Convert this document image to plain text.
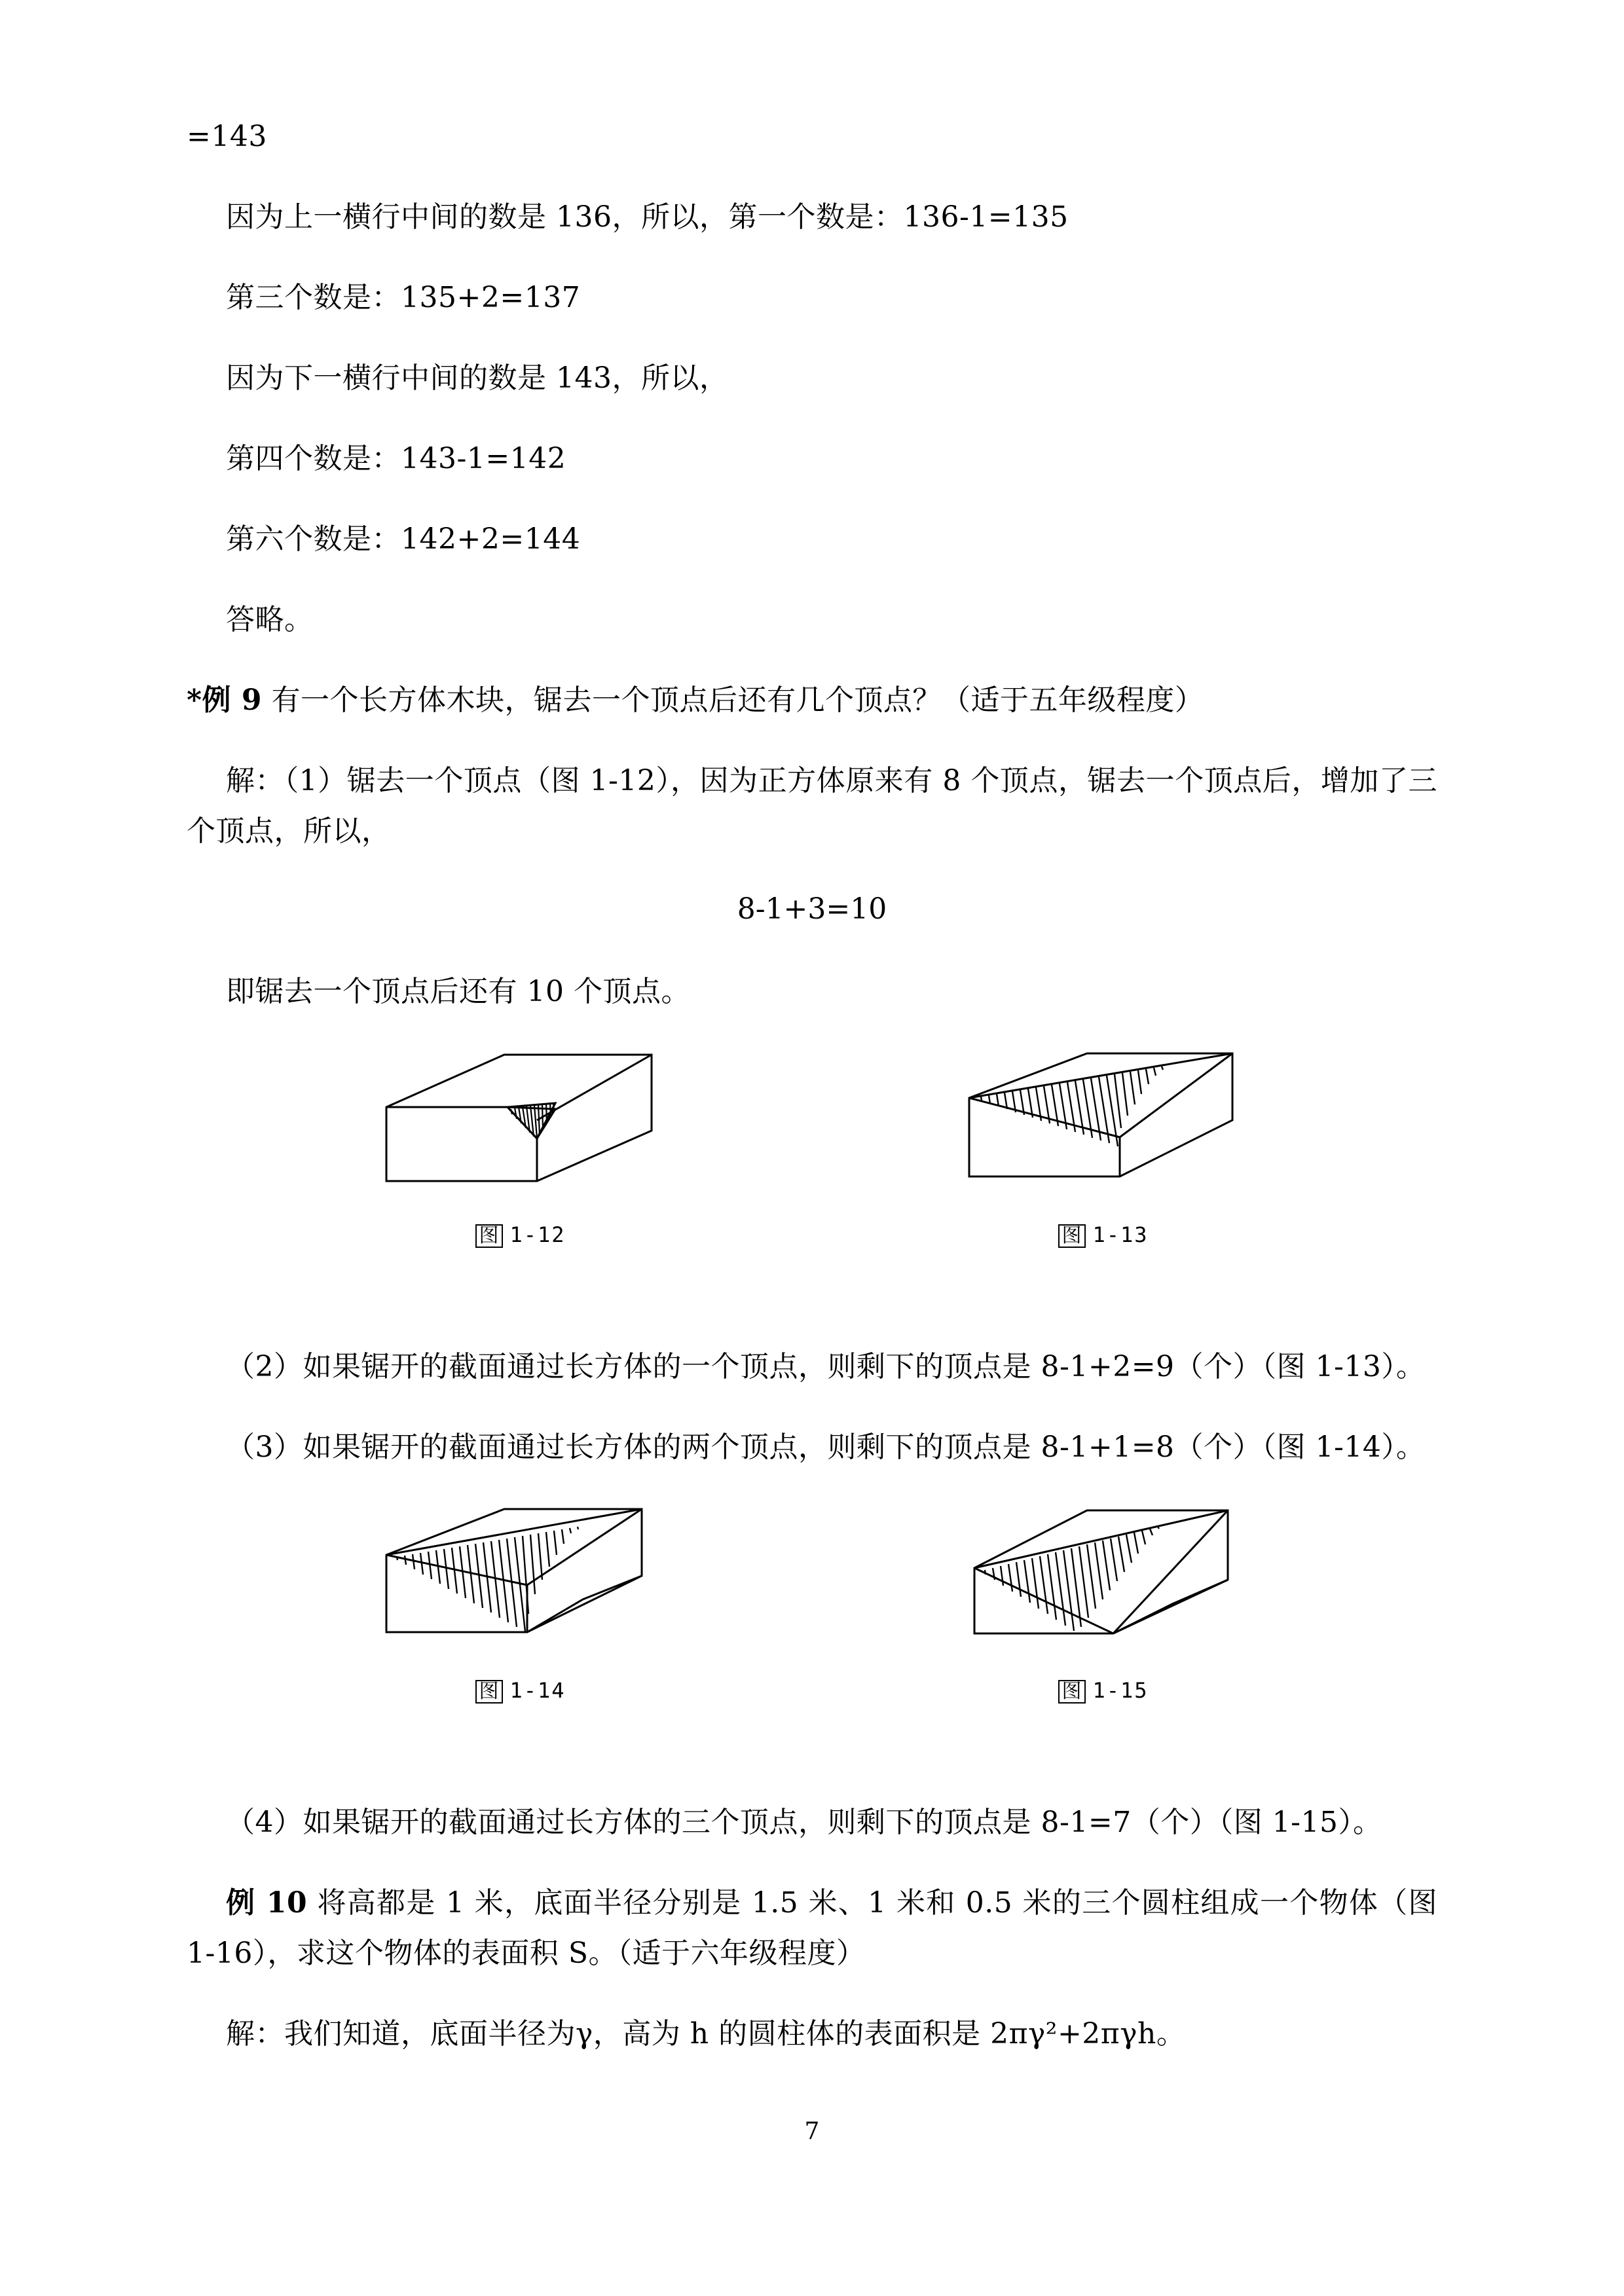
=143

因为上一横行中间的数是 136，所以，第一个数是：136-1=135

第三个数是：135+2=137

因为下一横行中间的数是 143，所以，

第四个数是：143-1=142

第六个数是：142+2=144

答略。

*例 9 有一个长方体木块，锯去一个顶点后还有几个顶点？（适于五年级程度）

解：（1）锯去一个顶点（图 1-12），因为正方体原来有 8 个顶点，锯去一个顶点后，增加了三个顶点，所以，

8-1+3=10

即锯去一个顶点后还有 10 个顶点。

图 1-12	图 1-13

（2）如果锯开的截面通过长方体的一个顶点，则剩下的顶点是 8-1+2=9（个）（图 1-13）。

（3）如果锯开的截面通过长方体的两个顶点，则剩下的顶点是 8-1+1=8（个）（图 1-14）。

图 1-14	图 1-15

（4）如果锯开的截面通过长方体的三个顶点，则剩下的顶点是 8-1=7（个）（图 1-15）。

例 10 将高都是 1 米，底面半径分别是 1.5 米、1 米和 0.5 米的三个圆柱组成一个物体（图 1-16），求这个物体的表面积 S。（适于六年级程度）

解：我们知道，底面半径为γ，高为 h 的圆柱体的表面积是 2πγ²+2πγh。

7
